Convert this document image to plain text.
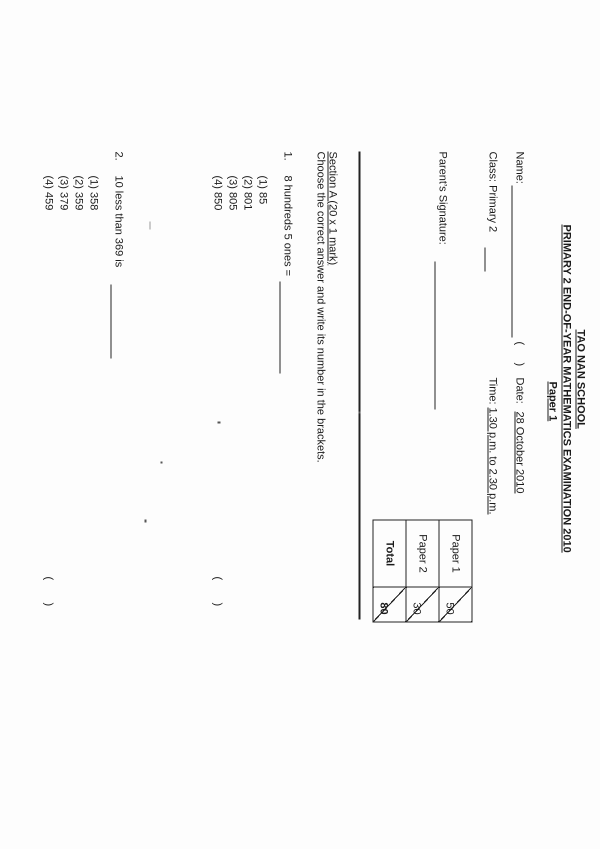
TAO NAN SCHOOL
PRIMARY 2 END-OF-YEAR MATHEMATICS EXAMINATION 2010
Paper 1
Name:
(
)
Date:
28 October 2010
Class: Primary 2
Time:
1.30 p.m. to 2.30 p.m.
Parent’s Signature:
Paper 1	50
Paper 2	30
Total	80
Section A (20 x 1 mark)
Choose the correct answer and write its number in the brackets.
1.
8 hundreds 5 ones =
(1) 85
(2) 801
(3) 805
(4) 850
(
)
2.
10 less than 369 is
(1) 358
(2) 359
(3) 379
(4) 459
(
)
